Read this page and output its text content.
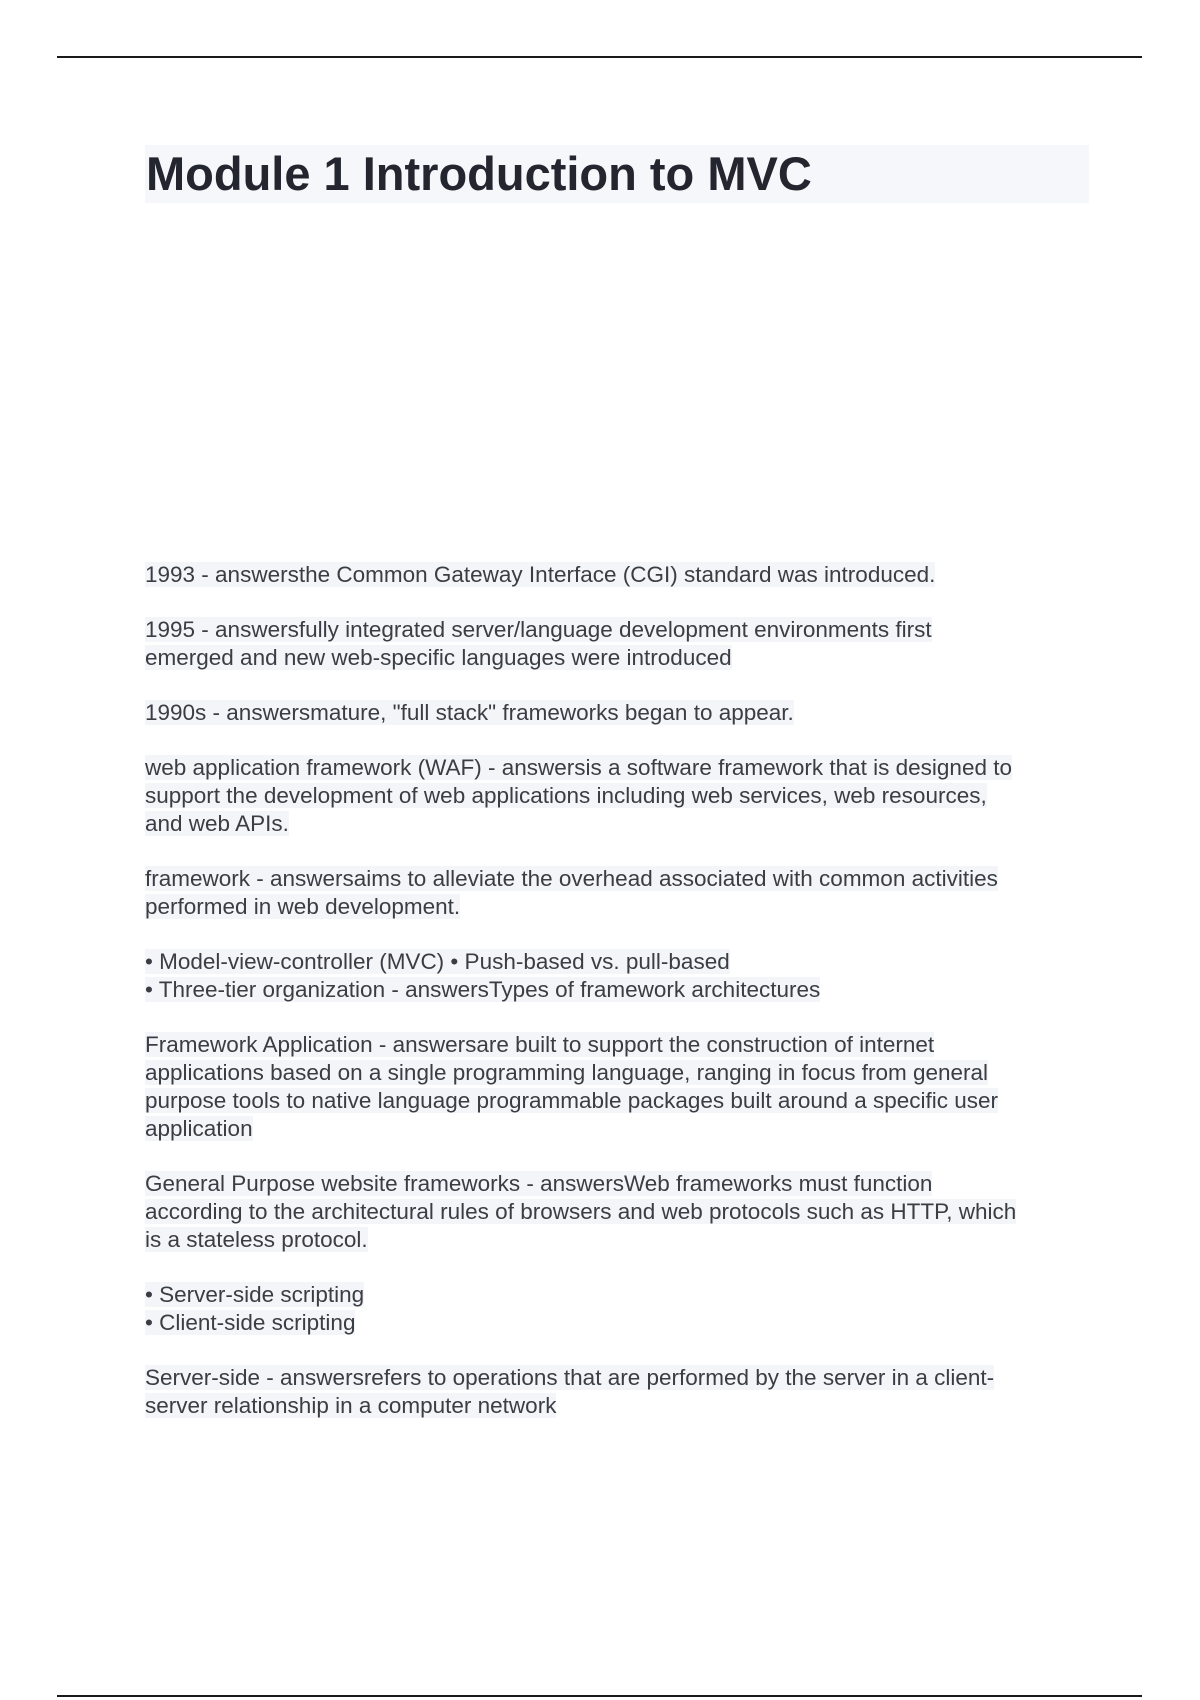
Module 1 Introduction to MVC

1993 - answersthe Common Gateway Interface (CGI) standard was introduced.

1995 - answersfully integrated server/language development environments first
emerged and new web-specific languages were introduced

1990s - answersmature, "full stack" frameworks began to appear.

web application framework (WAF) - answersis a software framework that is designed to
support the development of web applications including web services, web resources,
and web APIs.

framework - answersaims to alleviate the overhead associated with common activities
performed in web development.

• Model-view-controller (MVC) • Push-based vs. pull-based
• Three-tier organization - answersTypes of framework architectures

Framework Application - answersare built to support the construction of internet
applications based on a single programming language, ranging in focus from general
purpose tools to native language programmable packages built around a specific user
application

General Purpose website frameworks - answersWeb frameworks must function
according to the architectural rules of browsers and web protocols such as HTTP, which
is a stateless protocol.

• Server-side scripting
• Client-side scripting

Server-side - answersrefers to operations that are performed by the server in a client-
server relationship in a computer network
